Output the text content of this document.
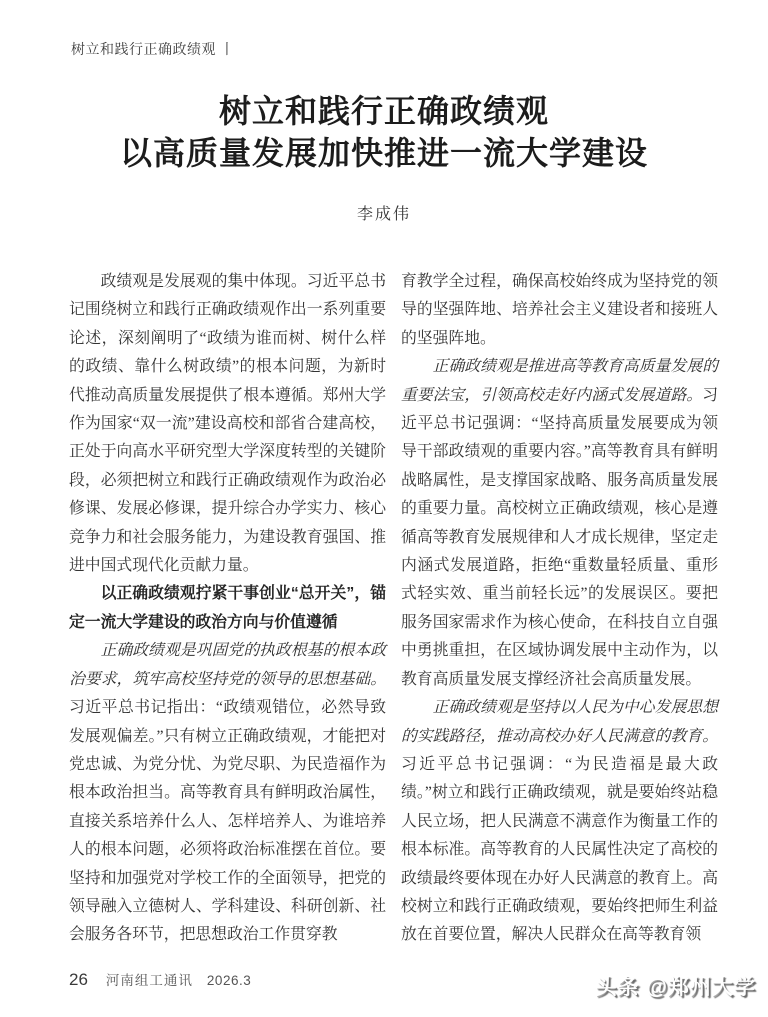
树立和践行正确政绩观 丨
树立和践行正确政绩观
以高质量发展加快推进一流大学建设
李成伟

政绩观是发展观的集中体现。习近平总书记围绕树立和践行正确政绩观作出一系列重要论述，深刻阐明了“政绩为谁而树、树什么样的政绩、靠什么树政绩”的根本问题，为新时代推动高质量发展提供了根本遵循。郑州大学作为国家“双一流”建设高校和部省合建高校，正处于向高水平研究型大学深度转型的关键阶段，必须把树立和践行正确政绩观作为政治必修课、发展必修课，提升综合办学实力、核心竞争力和社会服务能力，为建设教育强国、推进中国式现代化贡献力量。

以正确政绩观拧紧干事创业“总开关”，锚定一流大学建设的政治方向与价值遵循

正确政绩观是巩固党的执政根基的根本政治要求，筑牢高校坚持党的领导的思想基础。习近平总书记指出：“政绩观错位，必然导致发展观偏差。”只有树立正确政绩观，才能把对党忠诚、为党分忧、为党尽职、为民造福作为根本政治担当。高等教育具有鲜明政治属性，直接关系培养什么人、怎样培养人、为谁培养人的根本问题，必须将政治标准摆在首位。要坚持和加强党对学校工作的全面领导，把党的领导融入立德树人、学科建设、科研创新、社会服务各环节，把思想政治工作贯穿教

育教学全过程，确保高校始终成为坚持党的领导的坚强阵地、培养社会主义建设者和接班人的坚强阵地。

正确政绩观是推进高等教育高质量发展的重要法宝，引领高校走好内涵式发展道路。习近平总书记强调：“坚持高质量发展要成为领导干部政绩观的重要内容。”高等教育具有鲜明战略属性，是支撑国家战略、服务高质量发展的重要力量。高校树立正确政绩观，核心是遵循高等教育发展规律和人才成长规律，坚定走内涵式发展道路，拒绝“重数量轻质量、重形式轻实效、重当前轻长远”的发展误区。要把服务国家需求作为核心使命，在科技自立自强中勇挑重担，在区域协调发展中主动作为，以教育高质量发展支撑经济社会高质量发展。

正确政绩观是坚持以人民为中心发展思想的实践路径，推动高校办好人民满意的教育。习近平总书记强调：“为民造福是最大政绩。”树立和践行正确政绩观，就是要始终站稳人民立场，把人民满意不满意作为衡量工作的根本标准。高等教育的人民属性决定了高校的政绩最终要体现在办好人民满意的教育上。高校树立和践行正确政绩观，要始终把师生利益放在首要位置，解决人民群众在高等教育领

26 河南组工通讯 2026.3	头条 @郑州大学
